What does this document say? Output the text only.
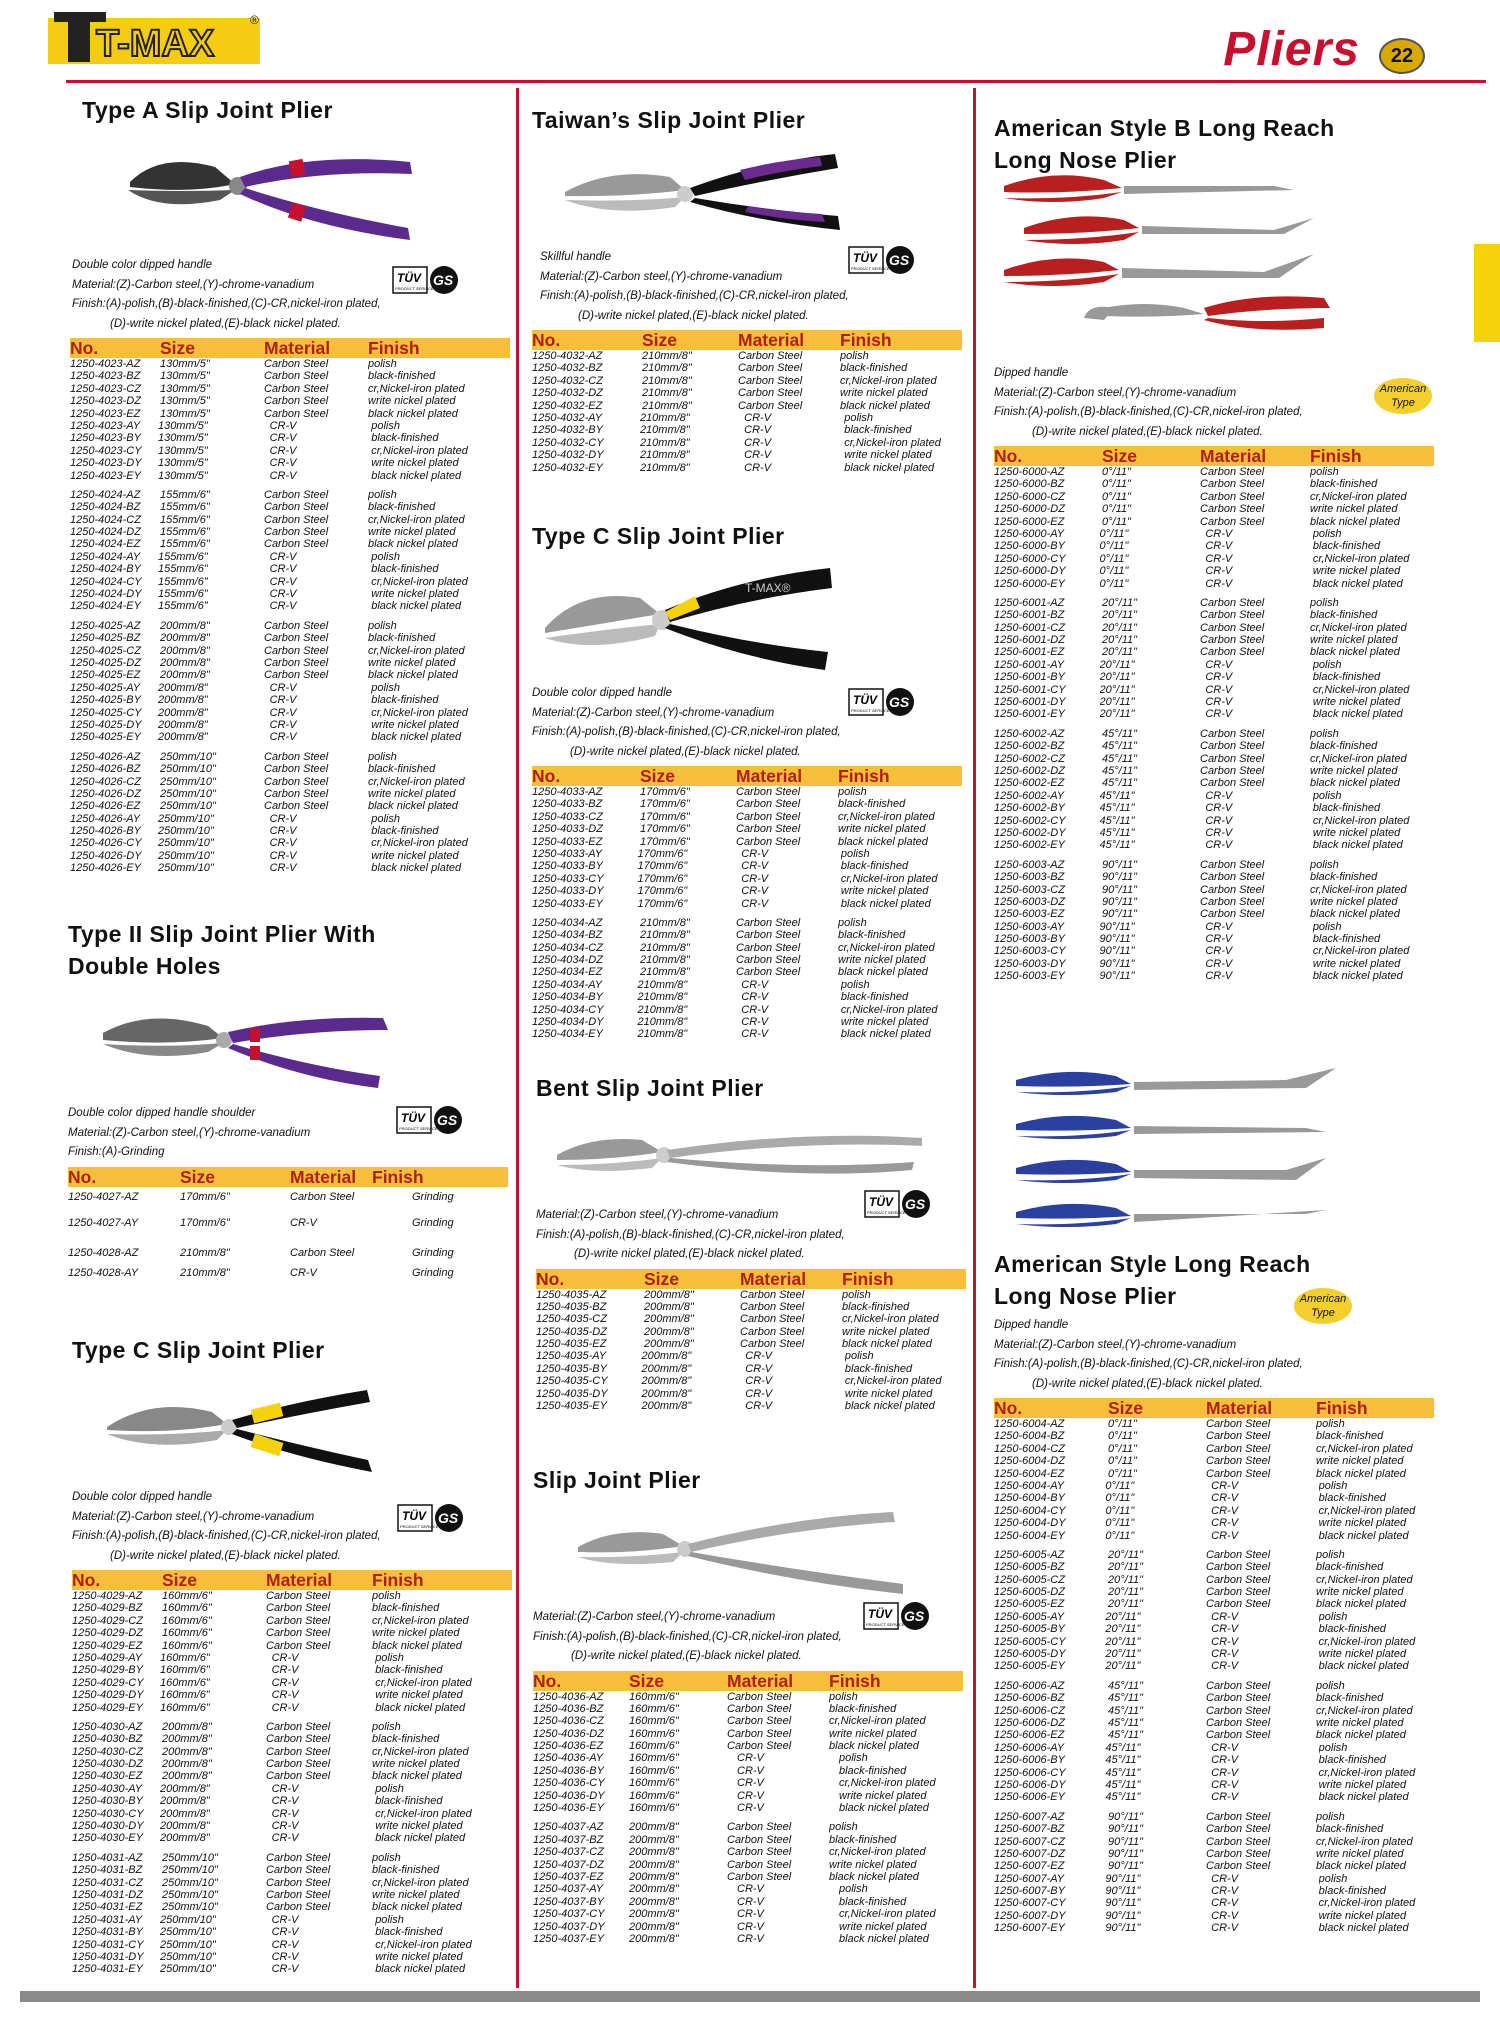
T-MAX
®
Pliers	22
Type A Slip Joint Plier
Double color dipped handle
Material:(Z)-Carbon steel,(Y)-chrome-vanadium
Finish:(A)-polish,(B)-black-finished,(C)-CR,nickel-iron plated,
(D)-write nickel plated,(E)-black nickel plated.
TÜV
PRODUCT SERVICE
GS
No.	Size	Material	Finish
1250-4023-AZ	130mm/5"	Carbon Steel	polish
1250-4023-BZ	130mm/5"	Carbon Steel	black-finished
1250-4023-CZ	130mm/5"	Carbon Steel	cr,Nickel-iron plated
1250-4023-DZ	130mm/5"	Carbon Steel	write nickel plated
1250-4023-EZ	130mm/5"	Carbon Steel	black nickel plated
1250-4023-AY	130mm/5"	CR-V	polish
1250-4023-BY	130mm/5"	CR-V	black-finished
1250-4023-CY	130mm/5"	CR-V	cr,Nickel-iron plated
1250-4023-DY	130mm/5"	CR-V	write nickel plated
1250-4023-EY	130mm/5"	CR-V	black nickel plated
1250-4024-AZ	155mm/6"	Carbon Steel	polish
1250-4024-BZ	155mm/6"	Carbon Steel	black-finished
1250-4024-CZ	155mm/6"	Carbon Steel	cr,Nickel-iron plated
1250-4024-DZ	155mm/6"	Carbon Steel	write nickel plated
1250-4024-EZ	155mm/6"	Carbon Steel	black nickel plated
1250-4024-AY	155mm/6"	CR-V	polish
1250-4024-BY	155mm/6"	CR-V	black-finished
1250-4024-CY	155mm/6"	CR-V	cr,Nickel-iron plated
1250-4024-DY	155mm/6"	CR-V	write nickel plated
1250-4024-EY	155mm/6"	CR-V	black nickel plated
1250-4025-AZ	200mm/8"	Carbon Steel	polish
1250-4025-BZ	200mm/8"	Carbon Steel	black-finished
1250-4025-CZ	200mm/8"	Carbon Steel	cr,Nickel-iron plated
1250-4025-DZ	200mm/8"	Carbon Steel	write nickel plated
1250-4025-EZ	200mm/8"	Carbon Steel	black nickel plated
1250-4025-AY	200mm/8"	CR-V	polish
1250-4025-BY	200mm/8"	CR-V	black-finished
1250-4025-CY	200mm/8"	CR-V	cr,Nickel-iron plated
1250-4025-DY	200mm/8"	CR-V	write nickel plated
1250-4025-EY	200mm/8"	CR-V	black nickel plated
1250-4026-AZ	250mm/10"	Carbon Steel	polish
1250-4026-BZ	250mm/10"	Carbon Steel	black-finished
1250-4026-CZ	250mm/10"	Carbon Steel	cr,Nickel-iron plated
1250-4026-DZ	250mm/10"	Carbon Steel	write nickel plated
1250-4026-EZ	250mm/10"	Carbon Steel	black nickel plated
1250-4026-AY	250mm/10"	CR-V	polish
1250-4026-BY	250mm/10"	CR-V	black-finished
1250-4026-CY	250mm/10"	CR-V	cr,Nickel-iron plated
1250-4026-DY	250mm/10"	CR-V	write nickel plated
1250-4026-EY	250mm/10"	CR-V	black nickel plated
Type II Slip Joint Plier With
Double Holes
Double color dipped handle shoulder
Material:(Z)-Carbon steel,(Y)-chrome-vanadium
Finish:(A)-Grinding
TÜV
PRODUCT SERVICE
GS
No.	Size	Material Finish
1250-4027-AZ	170mm/6"	Carbon Steel	Grinding
1250-4027-AY	170mm/6"	CR-V	Grinding
1250-4028-AZ	210mm/8"	Carbon Steel	Grinding
1250-4028-AY	210mm/8"	CR-V	Grinding
Type C Slip Joint Plier
Double color dipped handle
Material:(Z)-Carbon steel,(Y)-chrome-vanadium
Finish:(A)-polish,(B)-black-finished,(C)-CR,nickel-iron plated,
(D)-write nickel plated,(E)-black nickel plated.
TÜV
PRODUCT SERVICE
GS
No.	Size	Material	Finish
1250-4029-AZ	160mm/6"	Carbon Steel	polish
1250-4029-BZ	160mm/6"	Carbon Steel	black-finished
1250-4029-CZ	160mm/6"	Carbon Steel	cr,Nickel-iron plated
1250-4029-DZ	160mm/6"	Carbon Steel	write nickel plated
1250-4029-EZ	160mm/6"	Carbon Steel	black nickel plated
1250-4029-AY	160mm/6"	CR-V	polish
1250-4029-BY	160mm/6"	CR-V	black-finished
1250-4029-CY	160mm/6"	CR-V	cr,Nickel-iron plated
1250-4029-DY	160mm/6"	CR-V	write nickel plated
1250-4029-EY	160mm/6"	CR-V	black nickel plated
1250-4030-AZ	200mm/8"	Carbon Steel	polish
1250-4030-BZ	200mm/8"	Carbon Steel	black-finished
1250-4030-CZ	200mm/8"	Carbon Steel	cr,Nickel-iron plated
1250-4030-DZ	200mm/8"	Carbon Steel	write nickel plated
1250-4030-EZ	200mm/8"	Carbon Steel	black nickel plated
1250-4030-AY	200mm/8"	CR-V	polish
1250-4030-BY	200mm/8"	CR-V	black-finished
1250-4030-CY	200mm/8"	CR-V	cr,Nickel-iron plated
1250-4030-DY	200mm/8"	CR-V	write nickel plated
1250-4030-EY	200mm/8"	CR-V	black nickel plated
1250-4031-AZ	250mm/10"	Carbon Steel	polish
1250-4031-BZ	250mm/10"	Carbon Steel	black-finished
1250-4031-CZ	250mm/10"	Carbon Steel	cr,Nickel-iron plated
1250-4031-DZ	250mm/10"	Carbon Steel	write nickel plated
1250-4031-EZ	250mm/10"	Carbon Steel	black nickel plated
1250-4031-AY	250mm/10"	CR-V	polish
1250-4031-BY	250mm/10"	CR-V	black-finished
1250-4031-CY	250mm/10"	CR-V	cr,Nickel-iron plated
1250-4031-DY	250mm/10"	CR-V	write nickel plated
1250-4031-EY	250mm/10"	CR-V	black nickel plated
Taiwan’s Slip Joint Plier
Skillful handle
Material:(Z)-Carbon steel,(Y)-chrome-vanadium
Finish:(A)-polish,(B)-black-finished,(C)-CR,nickel-iron plated,
(D)-write nickel plated,(E)-black nickel plated.
TÜV
PRODUCT SERVICE
GS
No.	Size	Material	Finish
1250-4032-AZ	210mm/8"	Carbon Steel	polish
1250-4032-BZ	210mm/8"	Carbon Steel	black-finished
1250-4032-CZ	210mm/8"	Carbon Steel	cr,Nickel-iron plated
1250-4032-DZ	210mm/8"	Carbon Steel	write nickel plated
1250-4032-EZ	210mm/8"	Carbon Steel	black nickel plated
1250-4032-AY	210mm/8"	CR-V	polish
1250-4032-BY	210mm/8"	CR-V	black-finished
1250-4032-CY	210mm/8"	CR-V	cr,Nickel-iron plated
1250-4032-DY	210mm/8"	CR-V	write nickel plated
1250-4032-EY	210mm/8"	CR-V	black nickel plated
Type C Slip Joint Plier
T-MAX®
Double color dipped handle
Material:(Z)-Carbon steel,(Y)-chrome-vanadium
Finish:(A)-polish,(B)-black-finished,(C)-CR,nickel-iron plated,
(D)-write nickel plated,(E)-black nickel plated.
TÜV
PRODUCT SERVICE
GS
No.	Size	Material	Finish
1250-4033-AZ	170mm/6"	Carbon Steel	polish
1250-4033-BZ	170mm/6"	Carbon Steel	black-finished
1250-4033-CZ	170mm/6"	Carbon Steel	cr,Nickel-iron plated
1250-4033-DZ	170mm/6"	Carbon Steel	write nickel plated
1250-4033-EZ	170mm/6"	Carbon Steel	black nickel plated
1250-4033-AY	170mm/6"	CR-V	polish
1250-4033-BY	170mm/6"	CR-V	black-finished
1250-4033-CY	170mm/6"	CR-V	cr,Nickel-iron plated
1250-4033-DY	170mm/6"	CR-V	write nickel plated
1250-4033-EY	170mm/6"	CR-V	black nickel plated
1250-4034-AZ	210mm/8"	Carbon Steel	polish
1250-4034-BZ	210mm/8"	Carbon Steel	black-finished
1250-4034-CZ	210mm/8"	Carbon Steel	cr,Nickel-iron plated
1250-4034-DZ	210mm/8"	Carbon Steel	write nickel plated
1250-4034-EZ	210mm/8"	Carbon Steel	black nickel plated
1250-4034-AY	210mm/8"	CR-V	polish
1250-4034-BY	210mm/8"	CR-V	black-finished
1250-4034-CY	210mm/8"	CR-V	cr,Nickel-iron plated
1250-4034-DY	210mm/8"	CR-V	write nickel plated
1250-4034-EY	210mm/8"	CR-V	black nickel plated
Bent Slip Joint Plier
Material:(Z)-Carbon steel,(Y)-chrome-vanadium
Finish:(A)-polish,(B)-black-finished,(C)-CR,nickel-iron plated,
(D)-write nickel plated,(E)-black nickel plated.
TÜV
PRODUCT SERVICE
GS
No.	Size	Material	Finish
1250-4035-AZ	200mm/8"	Carbon Steel	polish
1250-4035-BZ	200mm/8"	Carbon Steel	black-finished
1250-4035-CZ	200mm/8"	Carbon Steel	cr,Nickel-iron plated
1250-4035-DZ	200mm/8"	Carbon Steel	write nickel plated
1250-4035-EZ	200mm/8"	Carbon Steel	black nickel plated
1250-4035-AY	200mm/8"	CR-V	polish
1250-4035-BY	200mm/8"	CR-V	black-finished
1250-4035-CY	200mm/8"	CR-V	cr,Nickel-iron plated
1250-4035-DY	200mm/8"	CR-V	write nickel plated
1250-4035-EY	200mm/8"	CR-V	black nickel plated
Slip Joint Plier
Material:(Z)-Carbon steel,(Y)-chrome-vanadium
Finish:(A)-polish,(B)-black-finished,(C)-CR,nickel-iron plated,
(D)-write nickel plated,(E)-black nickel plated.
TÜV
PRODUCT SERVICE
GS
No.	Size	Material	Finish
1250-4036-AZ	160mm/6"	Carbon Steel	polish
1250-4036-BZ	160mm/6"	Carbon Steel	black-finished
1250-4036-CZ	160mm/6"	Carbon Steel	cr,Nickel-iron plated
1250-4036-DZ	160mm/6"	Carbon Steel	write nickel plated
1250-4036-EZ	160mm/6"	Carbon Steel	black nickel plated
1250-4036-AY	160mm/6"	CR-V	polish
1250-4036-BY	160mm/6"	CR-V	black-finished
1250-4036-CY	160mm/6"	CR-V	cr,Nickel-iron plated
1250-4036-DY	160mm/6"	CR-V	write nickel plated
1250-4036-EY	160mm/6"	CR-V	black nickel plated
1250-4037-AZ	200mm/8"	Carbon Steel	polish
1250-4037-BZ	200mm/8"	Carbon Steel	black-finished
1250-4037-CZ	200mm/8"	Carbon Steel	cr,Nickel-iron plated
1250-4037-DZ	200mm/8"	Carbon Steel	write nickel plated
1250-4037-EZ	200mm/8"	Carbon Steel	black nickel plated
1250-4037-AY	200mm/8"	CR-V	polish
1250-4037-BY	200mm/8"	CR-V	black-finished
1250-4037-CY	200mm/8"	CR-V	cr,Nickel-iron plated
1250-4037-DY	200mm/8"	CR-V	write nickel plated
1250-4037-EY	200mm/8"	CR-V	black nickel plated
American Style B Long Reach
Long Nose Plier
Dipped handle
Material:(Z)-Carbon steel,(Y)-chrome-vanadium
Finish:(A)-polish,(B)-black-finished,(C)-CR,nickel-iron plated,
(D)-write nickel plated,(E)-black nickel plated.
American
Type
No.	Size	Material	Finish
1250-6000-AZ	0°/11"	Carbon Steel	polish
1250-6000-BZ	0°/11"	Carbon Steel	black-finished
1250-6000-CZ	0°/11"	Carbon Steel	cr,Nickel-iron plated
1250-6000-DZ	0°/11"	Carbon Steel	write nickel plated
1250-6000-EZ	0°/11"	Carbon Steel	black nickel plated
1250-6000-AY	0°/11"	CR-V	polish
1250-6000-BY	0°/11"	CR-V	black-finished
1250-6000-CY	0°/11"	CR-V	cr,Nickel-iron plated
1250-6000-DY	0°/11"	CR-V	write nickel plated
1250-6000-EY	0°/11"	CR-V	black nickel plated
1250-6001-AZ	20°/11"	Carbon Steel	polish
1250-6001-BZ	20°/11"	Carbon Steel	black-finished
1250-6001-CZ	20°/11"	Carbon Steel	cr,Nickel-iron plated
1250-6001-DZ	20°/11"	Carbon Steel	write nickel plated
1250-6001-EZ	20°/11"	Carbon Steel	black nickel plated
1250-6001-AY	20°/11"	CR-V	polish
1250-6001-BY	20°/11"	CR-V	black-finished
1250-6001-CY	20°/11"	CR-V	cr,Nickel-iron plated
1250-6001-DY	20°/11"	CR-V	write nickel plated
1250-6001-EY	20°/11"	CR-V	black nickel plated
1250-6002-AZ	45°/11"	Carbon Steel	polish
1250-6002-BZ	45°/11"	Carbon Steel	black-finished
1250-6002-CZ	45°/11"	Carbon Steel	cr,Nickel-iron plated
1250-6002-DZ	45°/11"	Carbon Steel	write nickel plated
1250-6002-EZ	45°/11"	Carbon Steel	black nickel plated
1250-6002-AY	45°/11"	CR-V	polish
1250-6002-BY	45°/11"	CR-V	black-finished
1250-6002-CY	45°/11"	CR-V	cr,Nickel-iron plated
1250-6002-DY	45°/11"	CR-V	write nickel plated
1250-6002-EY	45°/11"	CR-V	black nickel plated
1250-6003-AZ	90°/11"	Carbon Steel	polish
1250-6003-BZ	90°/11"	Carbon Steel	black-finished
1250-6003-CZ	90°/11"	Carbon Steel	cr,Nickel-iron plated
1250-6003-DZ	90°/11"	Carbon Steel	write nickel plated
1250-6003-EZ	90°/11"	Carbon Steel	black nickel plated
1250-6003-AY	90°/11"	CR-V	polish
1250-6003-BY	90°/11"	CR-V	black-finished
1250-6003-CY	90°/11"	CR-V	cr,Nickel-iron plated
1250-6003-DY	90°/11"	CR-V	write nickel plated
1250-6003-EY	90°/11"	CR-V	black nickel plated
American Style Long Reach
Long Nose Plier
Dipped handle
Material:(Z)-Carbon steel,(Y)-chrome-vanadium
Finish:(A)-polish,(B)-black-finished,(C)-CR,nickel-iron plated,
(D)-write nickel plated,(E)-black nickel plated.
American
Type
No.	Size	Material	Finish
1250-6004-AZ	0°/11"	Carbon Steel	polish
1250-6004-BZ	0°/11"	Carbon Steel	black-finished
1250-6004-CZ	0°/11"	Carbon Steel	cr,Nickel-iron plated
1250-6004-DZ	0°/11"	Carbon Steel	write nickel plated
1250-6004-EZ	0°/11"	Carbon Steel	black nickel plated
1250-6004-AY	0°/11"	CR-V	polish
1250-6004-BY	0°/11"	CR-V	black-finished
1250-6004-CY	0°/11"	CR-V	cr,Nickel-iron plated
1250-6004-DY	0°/11"	CR-V	write nickel plated
1250-6004-EY	0°/11"	CR-V	black nickel plated
1250-6005-AZ	20°/11"	Carbon Steel	polish
1250-6005-BZ	20°/11"	Carbon Steel	black-finished
1250-6005-CZ	20°/11"	Carbon Steel	cr,Nickel-iron plated
1250-6005-DZ	20°/11"	Carbon Steel	write nickel plated
1250-6005-EZ	20°/11"	Carbon Steel	black nickel plated
1250-6005-AY	20°/11"	CR-V	polish
1250-6005-BY	20°/11"	CR-V	black-finished
1250-6005-CY	20°/11"	CR-V	cr,Nickel-iron plated
1250-6005-DY	20°/11"	CR-V	write nickel plated
1250-6005-EY	20°/11"	CR-V	black nickel plated
1250-6006-AZ	45°/11"	Carbon Steel	polish
1250-6006-BZ	45°/11"	Carbon Steel	black-finished
1250-6006-CZ	45°/11"	Carbon Steel	cr,Nickel-iron plated
1250-6006-DZ	45°/11"	Carbon Steel	write nickel plated
1250-6006-EZ	45°/11"	Carbon Steel	black nickel plated
1250-6006-AY	45°/11"	CR-V	polish
1250-6006-BY	45°/11"	CR-V	black-finished
1250-6006-CY	45°/11"	CR-V	cr,Nickel-iron plated
1250-6006-DY	45°/11"	CR-V	write nickel plated
1250-6006-EY	45°/11"	CR-V	black nickel plated
1250-6007-AZ	90°/11"	Carbon Steel	polish
1250-6007-BZ	90°/11"	Carbon Steel	black-finished
1250-6007-CZ	90°/11"	Carbon Steel	cr,Nickel-iron plated
1250-6007-DZ	90°/11"	Carbon Steel	write nickel plated
1250-6007-EZ	90°/11"	Carbon Steel	black nickel plated
1250-6007-AY	90°/11"	CR-V	polish
1250-6007-BY	90°/11"	CR-V	black-finished
1250-6007-CY	90°/11"	CR-V	cr,Nickel-iron plated
1250-6007-DY	90°/11"	CR-V	write nickel plated
1250-6007-EY	90°/11"	CR-V	black nickel plated
